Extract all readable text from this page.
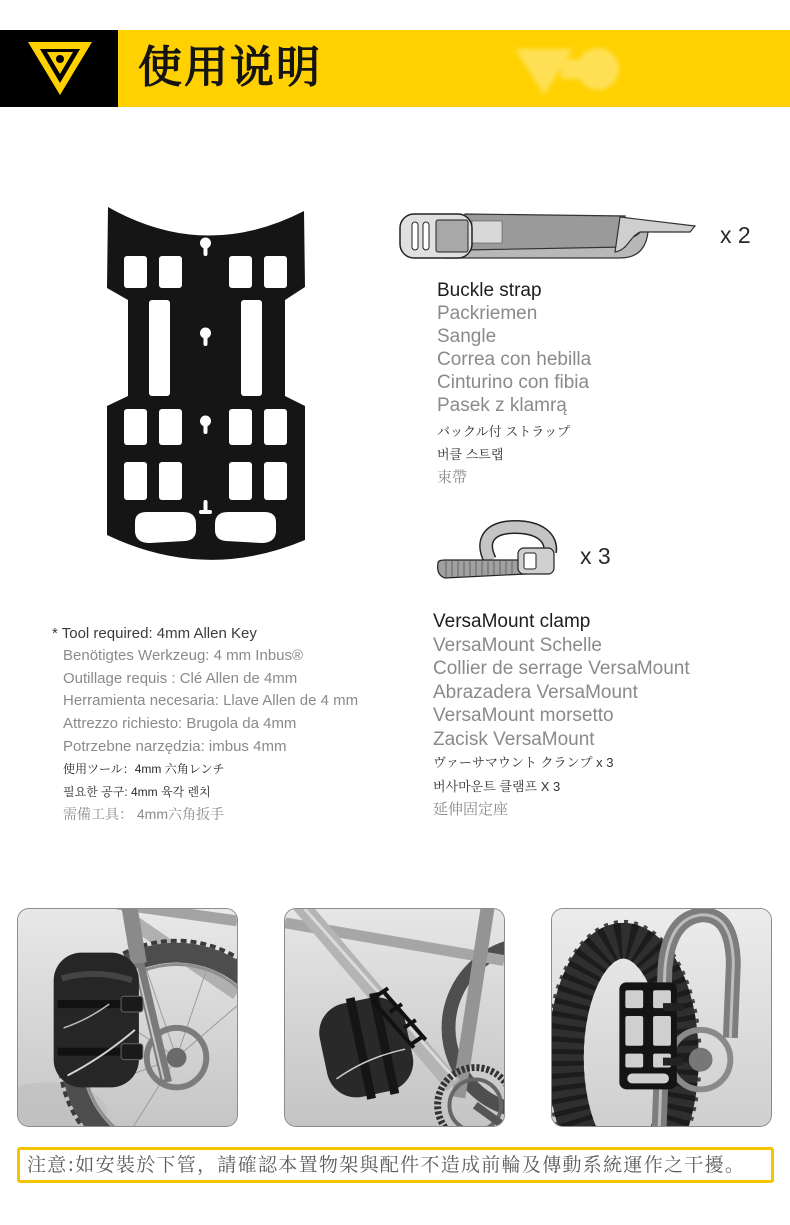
使用说明
x 2
Buckle strap
Packriemen
Sangle
Correa con hebilla
Cinturino con fibia
Pasek z klamrą
バックル付 ストラップ
버클 스트랩
束帶
x 3
VersaMount clamp
VersaMount Schelle
Collier de serrage VersaMount
Abrazadera VersaMount
VersaMount morsetto
Zacisk VersaMount
ヴァーサマウント クランプ x 3
버사마운트 클램프 X 3
延伸固定座
* Tool required: 4mm Allen Key
Benötigtes Werkzeug: 4 mm Inbus®
Outillage requis : Clé Allen de 4mm
Herramienta necesaria: Llave Allen de 4 mm
Attrezzo richiesto: Brugola da 4mm
Potrzebne narzędzia: imbus 4mm
使用ツール：4mm 六角レンチ
필요한 공구: 4mm 육각 렌치
需備工具： 4mm六角扳手
注意:如安裝於下管，請確認本置物架與配件不造成前輪及傳動系統運作之干擾。
